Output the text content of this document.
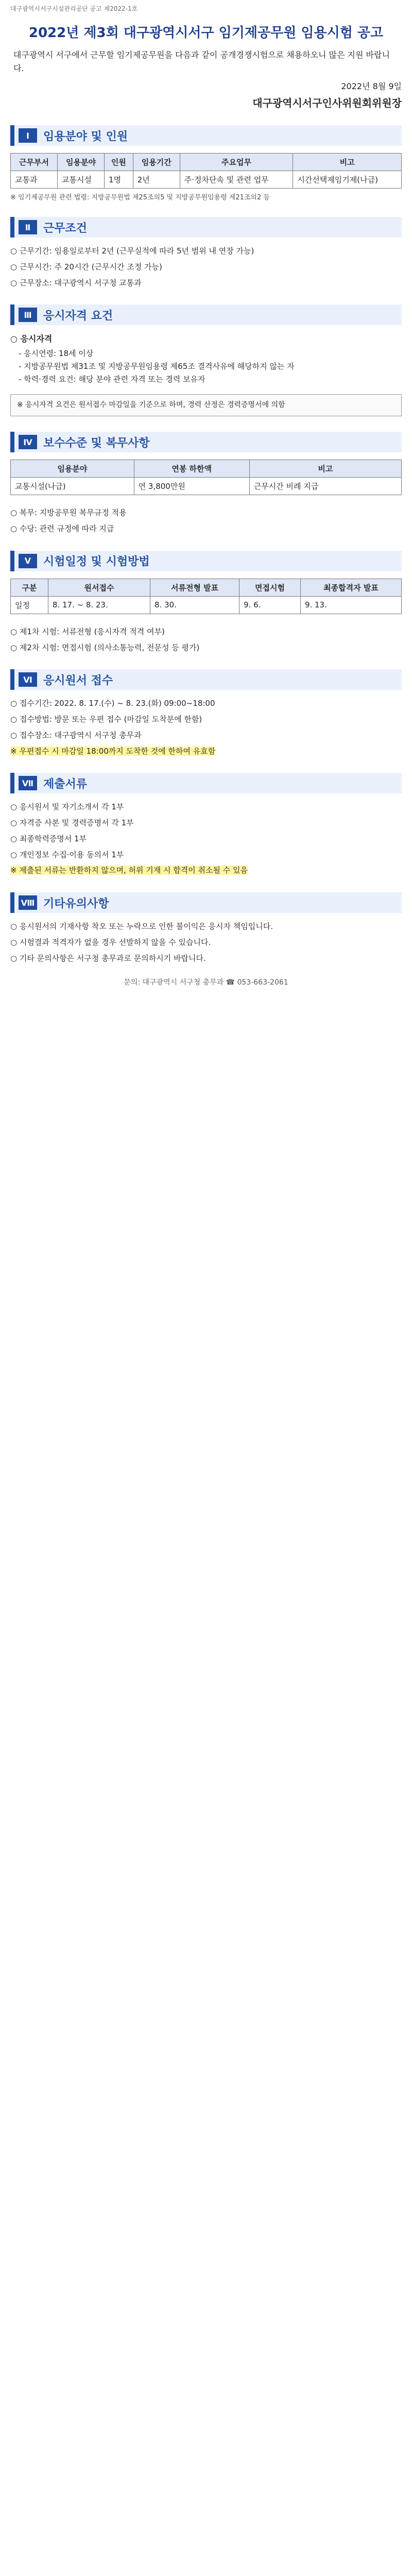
대구광역시서구시설관리공단 공고 제2022-1호
2022년 제3회 대구광역시서구 임기제공무원 임용시험 공고
대구광역시 서구에서 근무할 임기제공무원을 다음과 같이 공개경쟁시험으로 채용하오니 많은 지원 바랍니다.
2022년 8월 9일
대구광역시서구인사위원회위원장
Ⅰ	임용분야 및 인원
근무부서	임용분야	인원	임용기간	주요업무	비고
교통과	교통시설	1명	2년	주·정차단속 및 관련 업무	시간선택제임기제(나급)
※ 임기제공무원 관련 법령: 지방공무원법 제25조의5 및 지방공무원임용령 제21조의2 등
Ⅱ	근무조건
○ 근무기간: 임용일로부터 2년 (근무실적에 따라 5년 범위 내 연장 가능)
○ 근무시간: 주 20시간 (근무시간 조정 가능)
○ 근무장소: 대구광역시 서구청 교통과
Ⅲ	응시자격 요건
○ 응시자격
- 응시연령: 18세 이상
- 지방공무원법 제31조 및 지방공무원임용령 제65조 결격사유에 해당하지 않는 자
- 학력·경력 요건: 해당 분야 관련 자격 또는 경력 보유자
※ 응시자격 요건은 원서접수 마감일을 기준으로 하며, 경력 산정은 경력증명서에 의함
Ⅳ 보수수준 및 복무사항
임용분야	연봉 하한액	비고
교통시설(나급)	연 3,800만원	근무시간 비례 지급
○ 복무: 지방공무원 복무규정 적용
○ 수당: 관련 규정에 따라 지급
Ⅴ	시험일정 및 시험방법
구분	원서접수	서류전형 발표	면접시험	최종합격자 발표
일정	8. 17. ~ 8. 23.	8. 30.	9. 6.	9. 13.
○ 제1차 시험: 서류전형 (응시자격 적격 여부)
○ 제2차 시험: 면접시험 (의사소통능력, 전문성 등 평가)
Ⅵ 응시원서 접수
○ 접수기간: 2022. 8. 17.(수) ~ 8. 23.(화) 09:00~18:00
○ 접수방법: 방문 또는 우편 접수 (마감일 도착분에 한함)
○ 접수장소: 대구광역시 서구청 총무과
※ 우편접수 시 마감일 18:00까지 도착한 것에 한하여 유효함
Ⅶ 제출서류
○ 응시원서 및 자기소개서 각 1부
○ 자격증 사본 및 경력증명서 각 1부
○ 최종학력증명서 1부
○ 개인정보 수집·이용 동의서 1부
※ 제출된 서류는 반환하지 않으며, 허위 기재 시 합격이 취소될 수 있음
Ⅷ 기타유의사항
○ 응시원서의 기재사항 착오 또는 누락으로 인한 불이익은 응시자 책임입니다.
○ 시험결과 적격자가 없을 경우 선발하지 않을 수 있습니다.
○ 기타 문의사항은 서구청 총무과로 문의하시기 바랍니다.
문의: 대구광역시 서구청 총무과 ☎ 053-663-2061
